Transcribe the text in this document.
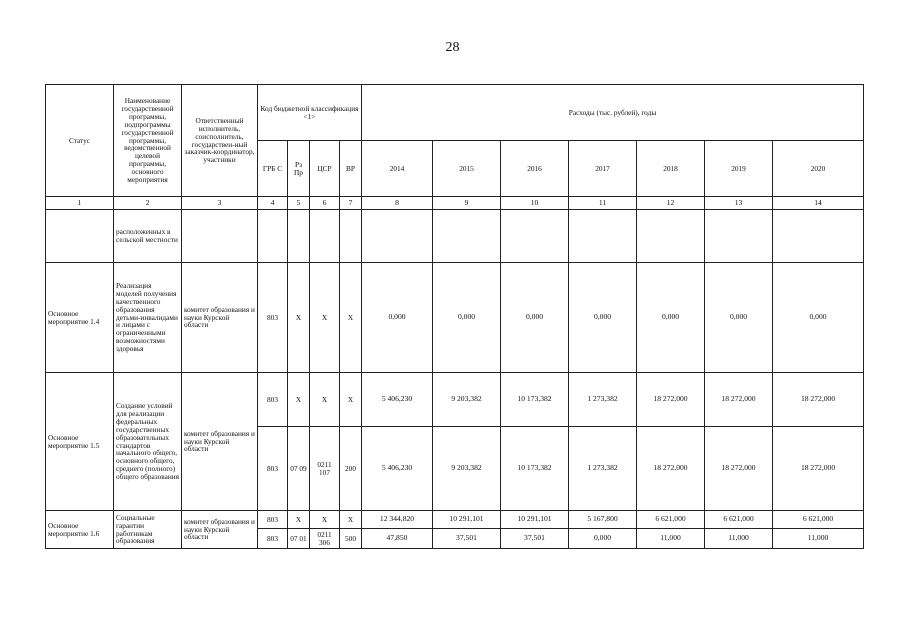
28
Статус	Наименование государственной программы, подпрограммы государственной программы, ведомственной целевой программы, основного мероприятия	Ответственный исполнитель, соисполнитель, государствен-ный заказчик-координатор, участники	Код бюджетной классификация <1>				Расходы (тыс. рублей), годы						
			ГРБ С	Рз Пр	ЦСР	ВР	2014	2015	2016	2017	2018	2019	2020
1	2	3	4	5	6	7	8	9	10	11	12	13	14
	расположенных в сельской местности												
Основное мероприятие 1.4	Реализация моделей получения качественного образования детьми-инвалидами и лицами с ограниченными возможностями здоровья	комитет образования и науки Курской области	803	X	X	X	0,000	0,000	0,000	0,000	0,000	0,000	0,000
Основное мероприятие 1.5	Создание условий для реализации федеральных государственных образовательных стандартов начального общего, основного общего, среднего (полного) общего образования	комитет образования и науки Курской области	803	X	X	X	5 406,230	9 203,382	10 173,382	1 273,382	18 272,000	18 272,000	18 272,000
			803	07 09	0211 107	200	5 406,230	9 203,382	10 173,382	1 273,382	18 272,000	18 272,000	18 272,000
Основное мероприятие 1.6	Социальные гарантии работникам образования	комитет образования и науки Курской области	803	X	X	X	12 344,820	10 291,101	10 291,101	5 167,800	6 621,000	6 621,000	6 621,000
			803	07 01	0211 306	500	47,850	37,501	37,501	0,000	11,000	11,000	11,000
